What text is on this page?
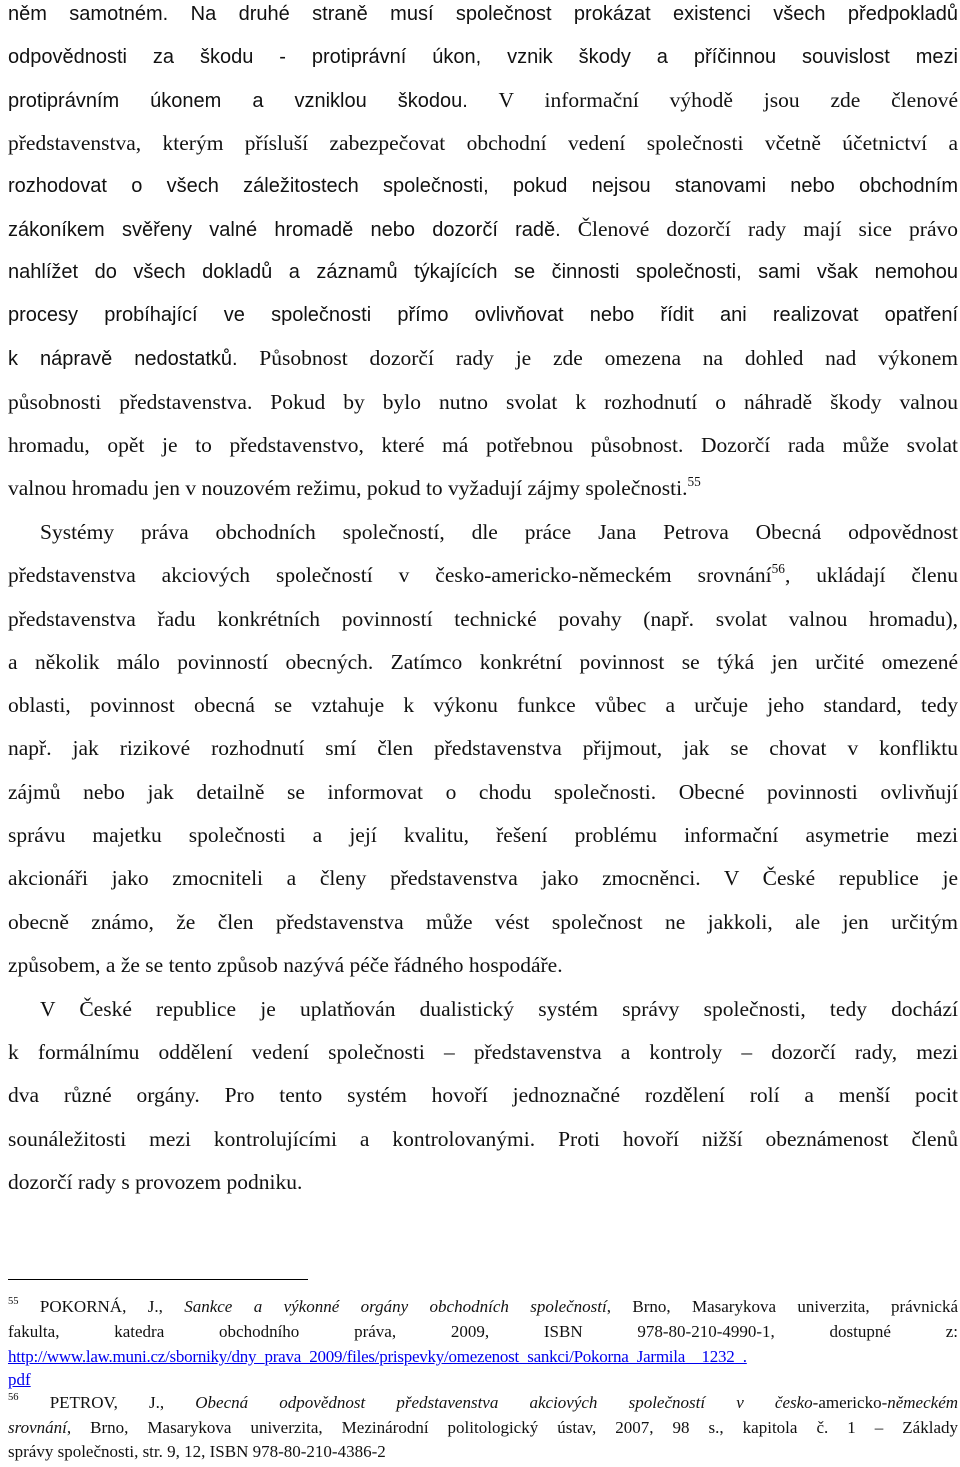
něm samotném. Na druhé straně musí společnost prokázat existenci všech předpokladů
odpovědnosti za škodu - protiprávní úkon, vznik škody a příčinnou souvislost mezi
protiprávním úkonem a vzniklou škodou. V informační výhodě jsou zde členové
představenstva, kterým přísluší zabezpečovat obchodní vedení společnosti včetně účetnictví a
rozhodovat o všech záležitostech společnosti, pokud nejsou stanovami nebo obchodním
zákoníkem svěřeny valné hromadě nebo dozorčí radě. Členové dozorčí rady mají sice právo
nahlížet do všech dokladů a záznamů týkajících se činnosti společnosti, sami však nemohou
procesy probíhající ve společnosti přímo ovlivňovat nebo řídit ani realizovat opatření
k nápravě nedostatků. Působnost dozorčí rady je zde omezena na dohled nad výkonem
působnosti představenstva. Pokud by bylo nutno svolat k rozhodnutí o náhradě škody valnou
hromadu, opět je to představenstvo, které má potřebnou působnost. Dozorčí rada může svolat
valnou hromadu jen v nouzovém režimu, pokud to vyžadují zájmy společnosti.$^{55}$
Systémy práva obchodních společností, dle práce Jana Petrova Obecná odpovědnost
představenstva akciových společností v česko-americko-německém srovnání$^{56}$, ukládají členu
představenstva řadu konkrétních povinností technické povahy (např. svolat valnou hromadu),
a několik málo povinností obecných. Zatímco konkrétní povinnost se týká jen určité omezené
oblasti, povinnost obecná se vztahuje k výkonu funkce vůbec a určuje jeho standard, tedy
např. jak rizikové rozhodnutí smí člen představenstva přijmout, jak se chovat v konfliktu
zájmů nebo jak detailně se informovat o chodu společnosti. Obecné povinnosti ovlivňují
správu majetku společnosti a její kvalitu, řešení problému informační asymetrie mezi
akcionáři jako zmocniteli a členy představenstva jako zmocněnci. V České republice je
obecně známo, že člen představenstva může vést společnost ne jakkoli, ale jen určitým
způsobem, a že se tento způsob nazývá péče řádného hospodáře.
V České republice je uplatňován dualistický systém správy společnosti, tedy dochází
k formálnímu oddělení vedení společnosti – představenstva a kontroly – dozorčí rady, mezi
dva různé orgány. Pro tento systém hovoří jednoznačné rozdělení rolí a menší pocit
sounáležitosti mezi kontrolujícími a kontrolovanými. Proti hovoří nižší obeznámenost členů
dozorčí rady s provozem podniku.
$^{55}$ POKORNÁ, J., Sankce a výkonné orgány obchodních společností, Brno, Masarykova univerzita, právnická
fakulta, katedra obchodního práva, 2009, ISBN 978-80-210-4990-1, dostupné z:
http://www.law.muni.cz/sborniky/dny_prava_2009/files/prispevky/omezenost_sankci/Pokorna_Jarmila__1232_.
pdf
$^{56}$ PETROV, J., Obecná odpovědnost představenstva akciových společností v česko-americko-německém
srovnání, Brno, Masarykova univerzita, Mezinárodní politologický ústav, 2007, 98 s., kapitola č. 1 – Základy
správy společnosti, str. 9, 12, ISBN 978-80-210-4386-2
